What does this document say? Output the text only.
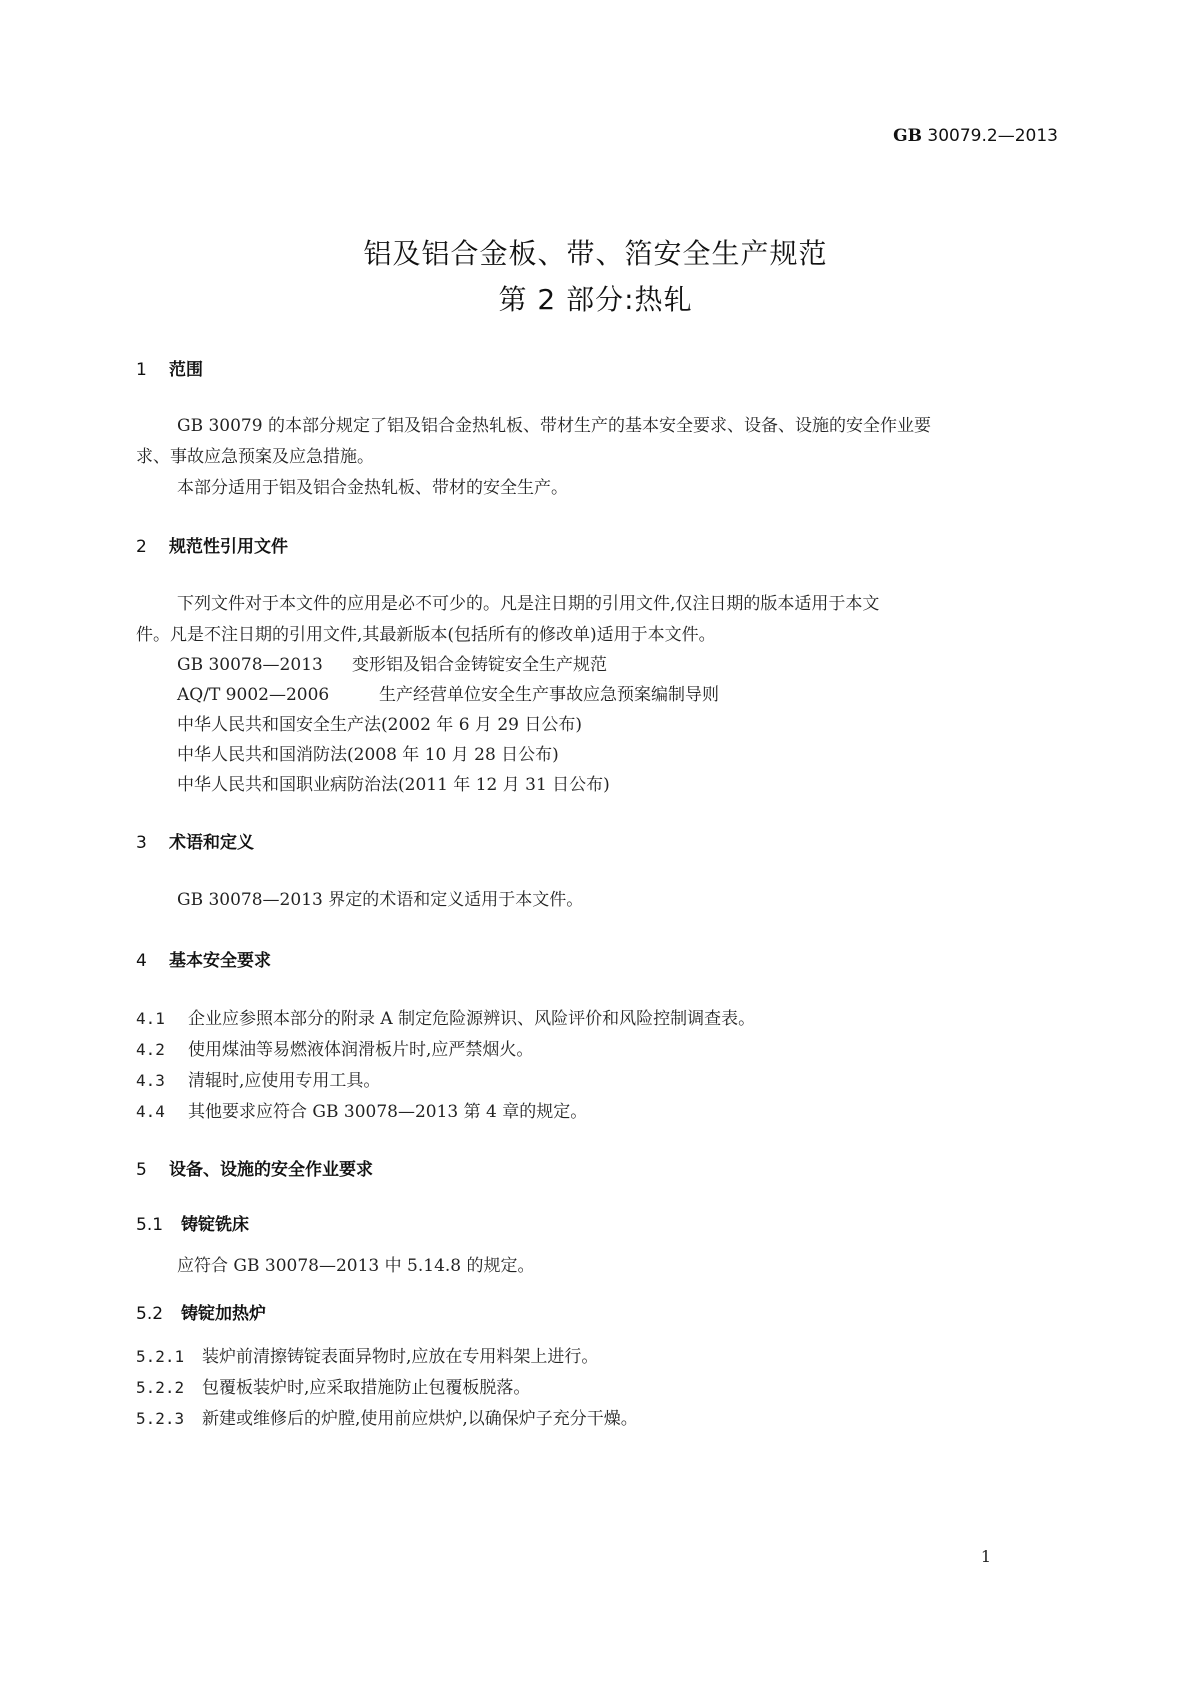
GB 30079.2—2013
铝及铝合金板、带、箔安全生产规范
第 2 部分:热轧
1 范围
GB 30079 的本部分规定了铝及铝合金热轧板、带材生产的基本安全要求、设备、设施的安全作业要
求、事故应急预案及应急措施。
本部分适用于铝及铝合金热轧板、带材的安全生产。
2 规范性引用文件
下列文件对于本文件的应用是必不可少的。凡是注日期的引用文件,仅注日期的版本适用于本文
件。凡是不注日期的引用文件,其最新版本(包括所有的修改单)适用于本文件。
GB 30078—2013 变形铝及铝合金铸锭安全生产规范
AQ/T 9002—2006	生产经营单位安全生产事故应急预案编制导则
中华人民共和国安全生产法(2002 年 6 月 29 日公布)
中华人民共和国消防法(2008 年 10 月 28 日公布)
中华人民共和国职业病防治法(2011 年 12 月 31 日公布)
3 术语和定义
GB 30078—2013 界定的术语和定义适用于本文件。
4 基本安全要求
4.1 企业应参照本部分的附录 A 制定危险源辨识、风险评价和风险控制调查表。
4.2 使用煤油等易燃液体润滑板片时,应严禁烟火。
4.3 清辊时,应使用专用工具。
4.4 其他要求应符合 GB 30078—2013 第 4 章的规定。
5 设备、设施的安全作业要求
5.1 铸锭铣床
应符合 GB 30078—2013 中 5.14.8 的规定。
5.2 铸锭加热炉
5.2.1 装炉前清擦铸锭表面异物时,应放在专用料架上进行。
5.2.2 包覆板装炉时,应采取措施防止包覆板脱落。
5.2.3 新建或维修后的炉膛,使用前应烘炉,以确保炉子充分干燥。
1
